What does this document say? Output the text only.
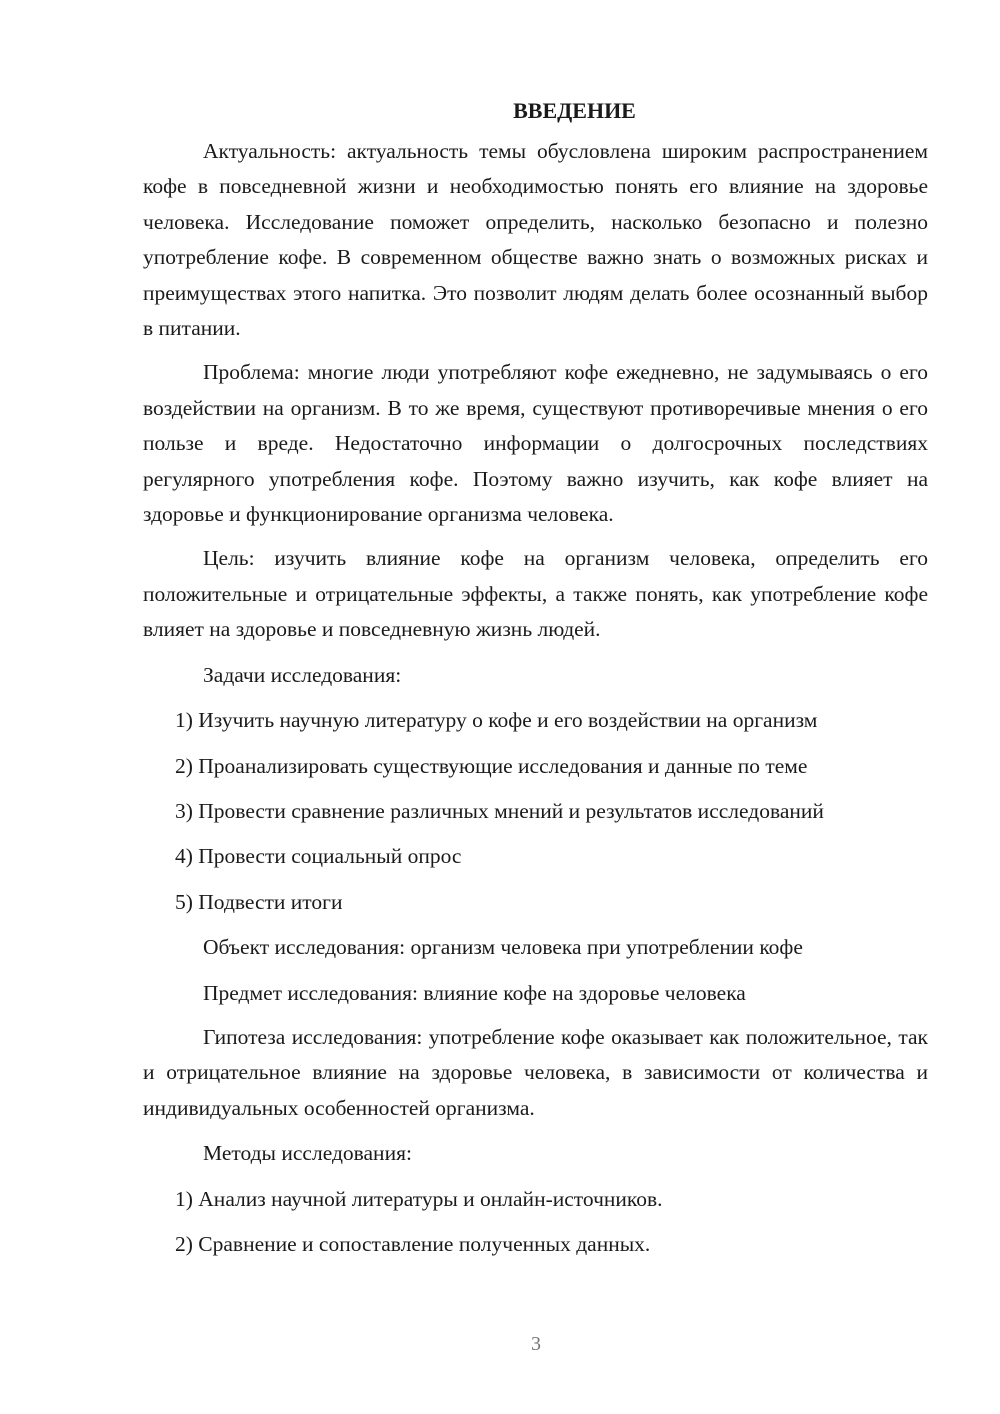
ВВЕДЕНИЕ

Актуальность: актуальность темы обусловлена широким распространением кофе в повседневной жизни и необходимостью понять его влияние на здоровье человека. Исследование поможет определить, насколько безопасно и полезно употребление кофе. В современном обществе важно знать о возможных рисках и преимуществах этого напитка. Это позволит людям делать более осознанный выбор в питании.

Проблема: многие люди употребляют кофе ежедневно, не задумываясь о его воздействии на организм. В то же время, существуют противоречивые мнения о его пользе и вреде. Недостаточно информации о долгосрочных последствиях регулярного употребления кофе. Поэтому важно изучить, как кофе влияет на здоровье и функционирование организма человека.

Цель: изучить влияние кофе на организм человека, определить его положительные и отрицательные эффекты, а также понять, как употребление кофе влияет на здоровье и повседневную жизнь людей.

Задачи исследования:
1) Изучить научную литературу о кофе и его воздействии на организм
2) Проанализировать существующие исследования и данные по теме
3) Провести сравнение различных мнений и результатов исследований
4) Провести социальный опрос
5) Подвести итоги
Объект исследования: организм человека при употреблении кофе
Предмет исследования: влияние кофе на здоровье человека

Гипотеза исследования: употребление кофе оказывает как положительное, так и отрицательное влияние на здоровье человека, в зависимости от количества и индивидуальных особенностей организма.

Методы исследования:
1) Анализ научной литературы и онлайн-источников.
2) Сравнение и сопоставление полученных данных.
3
